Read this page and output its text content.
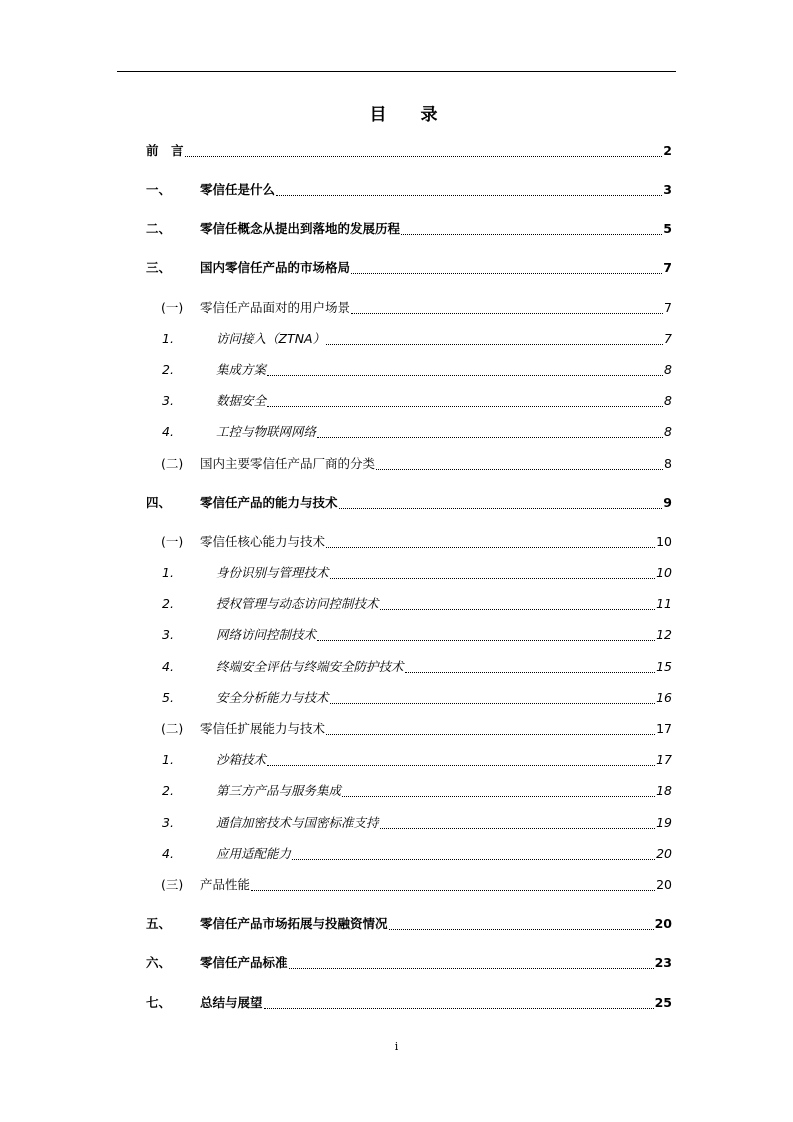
目 录
前　言	2
一、	零信任是什么	3
二、	零信任概念从提出到落地的发展历程	5
三、	国内零信任产品的市场格局	7
(一)	零信任产品面对的用户场景	7
1.	访问接入（ZTNA）	7
2.	集成方案	8
3.	数据安全	8
4.	工控与物联网网络	8
(二)	国内主要零信任产品厂商的分类	8
四、	零信任产品的能力与技术	9
(一)	零信任核心能力与技术	10
1.	身份识别与管理技术	10
2.	授权管理与动态访问控制技术	11
3.	网络访问控制技术	12
4.	终端安全评估与终端安全防护技术	15
5.	安全分析能力与技术	16
(二)	零信任扩展能力与技术	17
1.	沙箱技术	17
2.	第三方产品与服务集成	18
3.	通信加密技术与国密标准支持	19
4.	应用适配能力	20
(三)	产品性能	20
五、	零信任产品市场拓展与投融资情况	20
六、	零信任产品标准	23
七、	总结与展望	25
i
